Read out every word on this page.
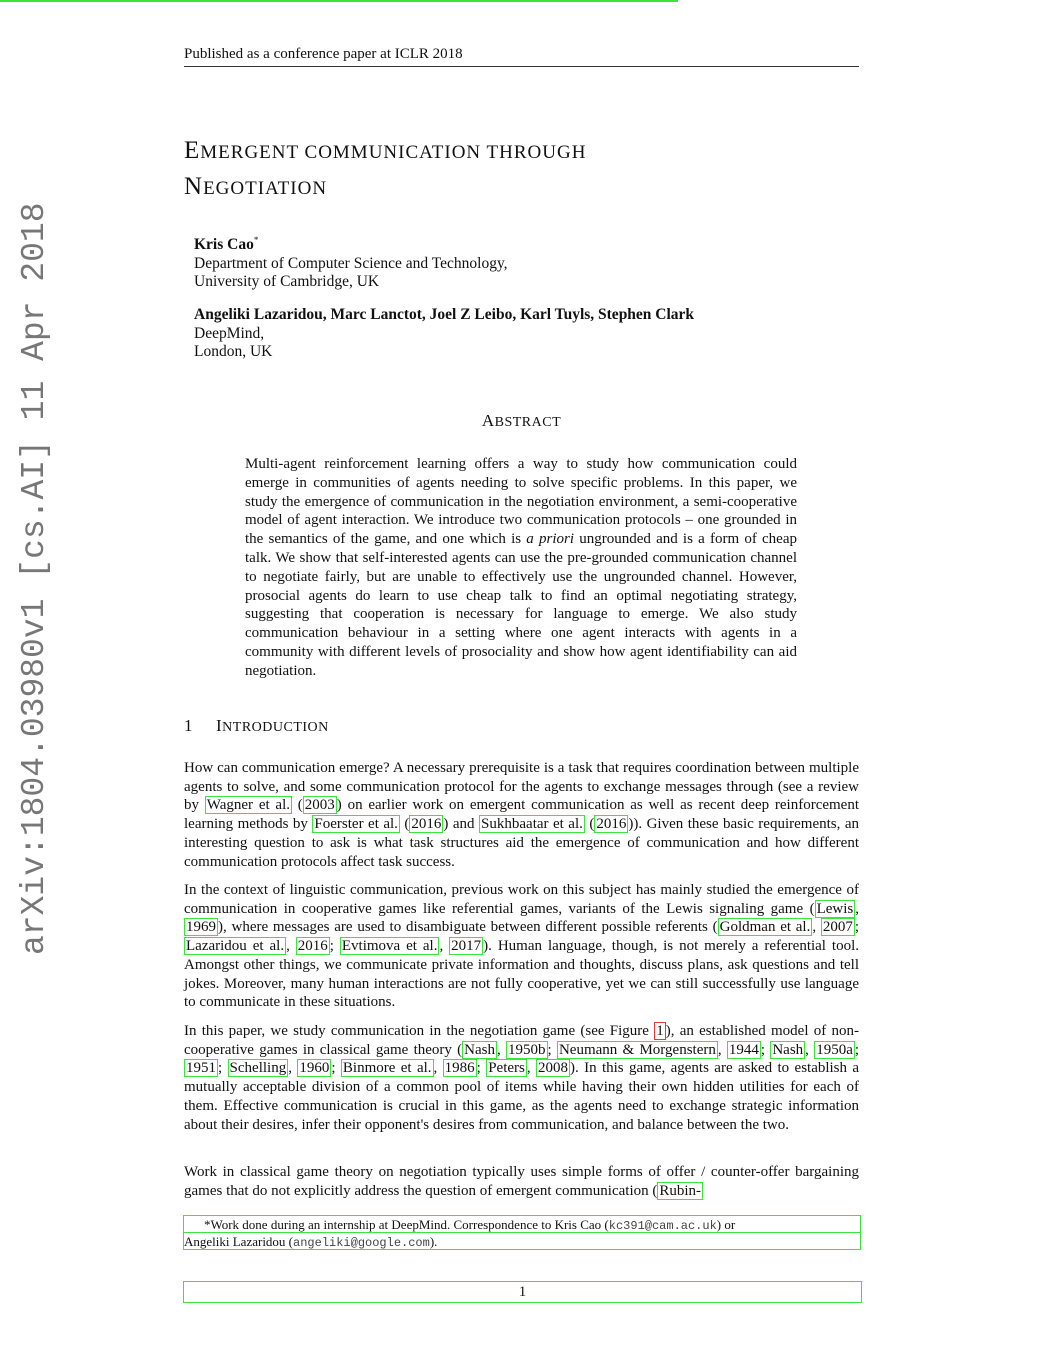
Published as a conference paper at ICLR 2018
arXiv:1804.03980v1 [cs.AI] 11 Apr 2018
EMERGENT COMMUNICATION THROUGH
NEGOTIATION
Kris Cao*
Department of Computer Science and Technology,
University of Cambridge, UK
Angeliki Lazaridou, Marc Lanctot, Joel Z Leibo, Karl Tuyls, Stephen Clark
DeepMind,
London, UK
ABSTRACT
Multi-agent reinforcement learning offers a way to study how communication could emerge in communities of agents needing to solve specific problems. In this paper, we study the emergence of communication in the negotiation environment, a semi-cooperative model of agent interaction. We introduce two communication protocols – one grounded in the semantics of the game, and one which is a priori ungrounded and is a form of cheap talk. We show that self-interested agents can use the pre-grounded communication channel to negotiate fairly, but are unable to effectively use the ungrounded channel. However, prosocial agents do learn to use cheap talk to find an optimal negotiating strategy, suggesting that cooperation is necessary for language to emerge. We also study communication behaviour in a setting where one agent interacts with agents in a community with different levels of prosociality and show how agent identifiability can aid negotiation.
1 INTRODUCTION
How can communication emerge? A necessary prerequisite is a task that requires coordination between multiple agents to solve, and some communication protocol for the agents to exchange messages through (see a review by Wagner et al. ( 2003 ) on earlier work on emergent communication as well as recent deep reinforcement learning methods by Foerster et al. ( 2016 ) and Sukhbaatar et al. ( 2016 )). Given these basic requirements, an interesting question to ask is what task structures aid the emergence of communication and how different communication protocols affect task success.
In the context of linguistic communication, previous work on this subject has mainly studied the emergence of communication in cooperative games like referential games, variants of the Lewis signaling game ( Lewis , 1969 ), where messages are used to disambiguate between different possible referents ( Goldman et al. , 2007 ; Lazaridou et al. , 2016 ; Evtimova et al. , 2017 ). Human language, though, is not merely a referential tool. Amongst other things, we communicate private information and thoughts, discuss plans, ask questions and tell jokes. Moreover, many human interactions are not fully cooperative, yet we can still successfully use language to communicate in these situations.
In this paper, we study communication in the negotiation game (see Figure 1 ), an established model of non-cooperative games in classical game theory ( Nash , 1950b ; Neumann & Morgenstern , 1944 ; Nash , 1950a ; 1951 ; Schelling , 1960 ; Binmore et al. , 1986 ; Peters , 2008 ). In this game, agents are asked to establish a mutually acceptable division of a common pool of items while having their own hidden utilities for each of them. Effective communication is crucial in this game, as the agents need to exchange strategic information about their desires, infer their opponent's desires from communication, and balance between the two.
Work in classical game theory on negotiation typically uses simple forms of offer / counter-offer bargaining games that do not explicitly address the question of emergent communication ( Rubin-
*Work done during an internship at DeepMind. Correspondence to Kris Cao (kc391@cam.ac.uk) or
Angeliki Lazaridou (angeliki@google.com).
1
